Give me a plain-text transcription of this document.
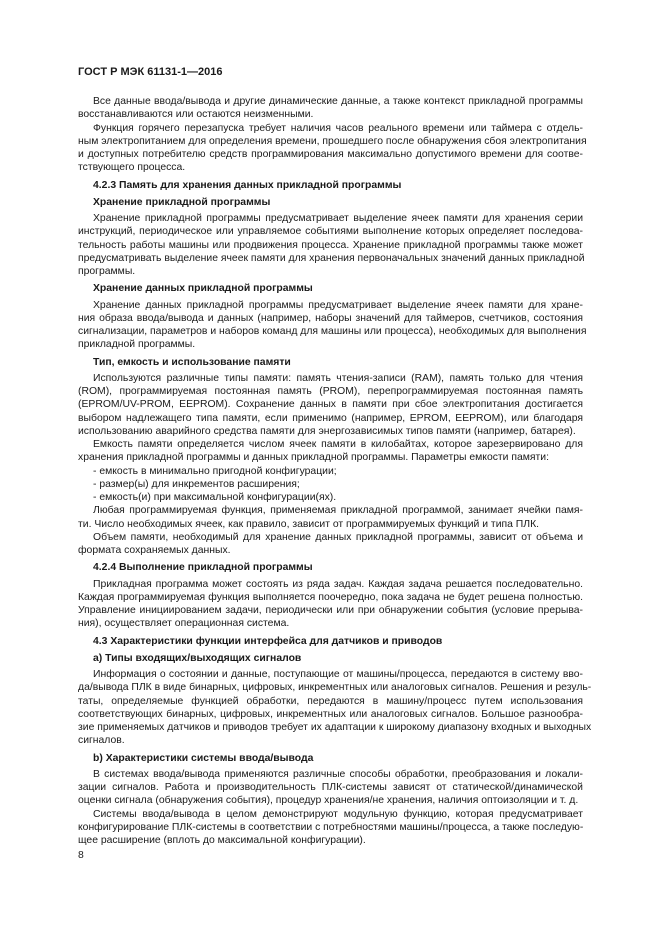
ГОСТ Р МЭК 61131-1—2016
Все данные ввода/вывода и другие динамические данные, а также контекст прикладной программы
восстанавливаются или остаются неизменными.
Функция горячего перезапуска требует наличия часов реального времени или таймера с отдель-
ным электропитанием для определения времени, прошедшего после обнаружения сбоя электропитания
и доступных потребителю средств программирования максимально допустимого времени для соотве-
тствующего процесса.
4.2.3 Память для хранения данных прикладной программы
Хранение прикладной программы
Хранение прикладной программы предусматривает выделение ячеек памяти для хранения серии
инструкций, периодическое или управляемое событиями выполнение которых определяет последова-
тельность работы машины или продвижения процесса. Хранение прикладной программы также может
предусматривать выделение ячеек памяти для хранения первоначальных значений данных прикладной
программы.
Хранение данных прикладной программы
Хранение данных прикладной программы предусматривает выделение ячеек памяти для хране-
ния образа ввода/вывода и данных (например, наборы значений для таймеров, счетчиков, состояния
сигнализации, параметров и наборов команд для машины или процесса), необходимых для выполнения
прикладной программы.
Тип, емкость и использование памяти
Используются различные типы памяти: память чтения-записи (RAM), память только для чтения
(ROM), программируемая постоянная память (PROM), перепрограммируемая постоянная память
(EPROM/UV-PROM, EEPROM). Сохранение данных в памяти при сбое электропитания достигается
выбором надлежащего типа памяти, если применимо (например, EPROM, EEPROM), или благодаря
использованию аварийного средства памяти для энергозависимых типов памяти (например, батарея).
Емкость памяти определяется числом ячеек памяти в килобайтах, которое зарезервировано для
хранения прикладной программы и данных прикладной программы. Параметры емкости памяти:
- емкость в минимально пригодной конфигурации;
- размер(ы) для инкрементов расширения;
- емкость(и) при максимальной конфигурации(ях).
Любая программируемая функция, применяемая прикладной программой, занимает ячейки памя-
ти. Число необходимых ячеек, как правило, зависит от программируемых функций и типа ПЛК.
Объем памяти, необходимый для хранение данных прикладной программы, зависит от объема и
формата сохраняемых данных.
4.2.4 Выполнение прикладной программы
Прикладная программа может состоять из ряда задач. Каждая задача решается последовательно.
Каждая программируемая функция выполняется поочередно, пока задача не будет решена полностью.
Управление инициированием задачи, периодически или при обнаружении события (условие прерыва-
ния), осуществляет операционная система.
4.3 Характеристики функции интерфейса для датчиков и приводов
a) Типы входящих/выходящих сигналов
Информация о состоянии и данные, поступающие от машины/процесса, передаются в систему вво-
да/вывода ПЛК в виде бинарных, цифровых, инкрементных или аналоговых сигналов. Решения и резуль-
таты, определяемые функцией обработки, передаются в машину/процесс путем использования
соответствующих бинарных, цифровых, инкрементных или аналоговых сигналов. Большое разнообра-
зие применяемых датчиков и приводов требует их адаптации к широкому диапазону входных и выходных
сигналов.
b) Характеристики системы ввода/вывода
В системах ввода/вывода применяются различные способы обработки, преобразования и локали-
зации сигналов. Работа и производительность ПЛК-системы зависят от статической/динамической
оценки сигнала (обнаружения события), процедур хранения/не хранения, наличия оптоизоляции и т. д.
Системы ввода/вывода в целом демонстрируют модульную функцию, которая предусматривает
конфигурирование ПЛК-системы в соответствии с потребностями машины/процесса, а также последую-
щее расширение (вплоть до максимальной конфигурации).
8
